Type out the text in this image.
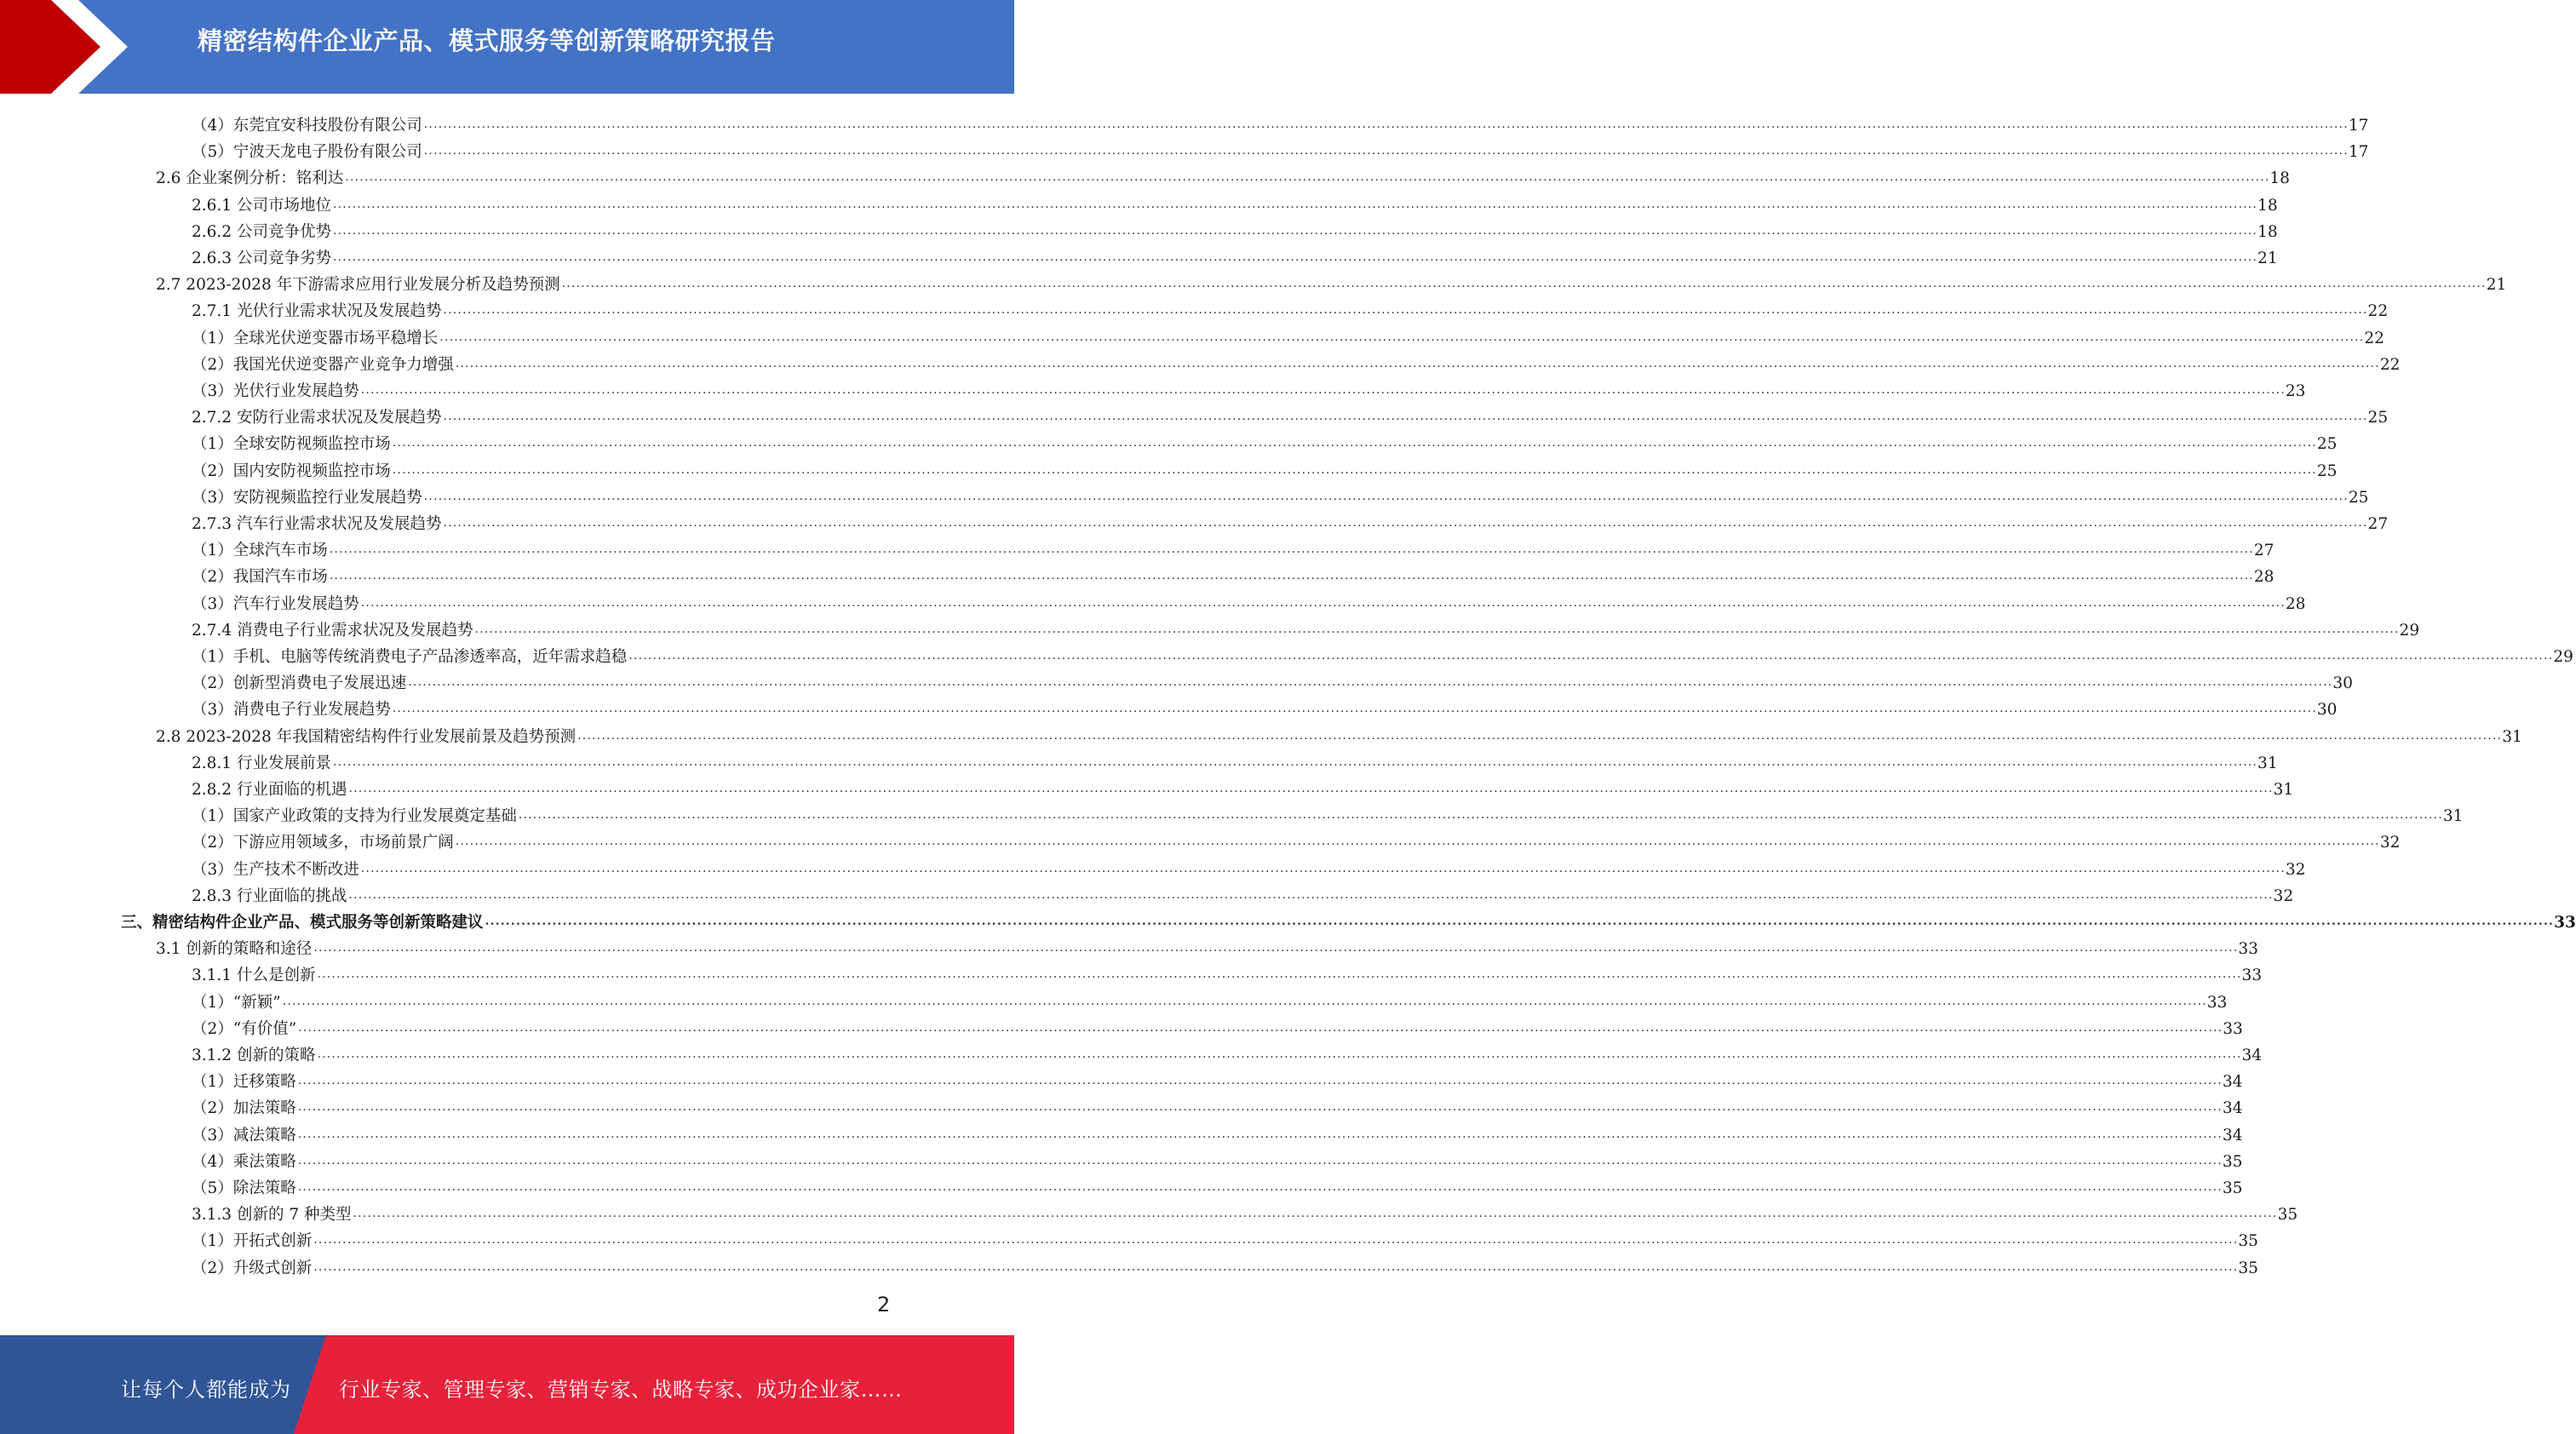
精密结构件企业产品、模式服务等创新策略研究报告
（4）东莞宜安科技股份有限公司 ................................................................................................................................................................................................................................................................................................................................................................................................................ 17
（5）宁波天龙电子股份有限公司 ................................................................................................................................................................................................................................................................................................................................................................................................................ 17
2.6 企业案例分析：铭利达 ................................................................................................................................................................................................................................................................................................................................................................................................................ 18
2.6.1 公司市场地位 ................................................................................................................................................................................................................................................................................................................................................................................................................ 18
2.6.2 公司竞争优势 ................................................................................................................................................................................................................................................................................................................................................................................................................ 18
2.6.3 公司竞争劣势 ................................................................................................................................................................................................................................................................................................................................................................................................................ 21
2.7 2023-2028 年下游需求应用行业发展分析及趋势预测 ................................................................................................................................................................................................................................................................................................................................................................................................................ 21
2.7.1 光伏行业需求状况及发展趋势 ................................................................................................................................................................................................................................................................................................................................................................................................................ 22
（1）全球光伏逆变器市场平稳增长 ................................................................................................................................................................................................................................................................................................................................................................................................................ 22
（2）我国光伏逆变器产业竞争力增强 ................................................................................................................................................................................................................................................................................................................................................................................................................ 22
（3）光伏行业发展趋势 ................................................................................................................................................................................................................................................................................................................................................................................................................ 23
2.7.2 安防行业需求状况及发展趋势 ................................................................................................................................................................................................................................................................................................................................................................................................................ 25
（1）全球安防视频监控市场 ................................................................................................................................................................................................................................................................................................................................................................................................................ 25
（2）国内安防视频监控市场 ................................................................................................................................................................................................................................................................................................................................................................................................................ 25
（3）安防视频监控行业发展趋势 ................................................................................................................................................................................................................................................................................................................................................................................................................ 25
2.7.3 汽车行业需求状况及发展趋势 ................................................................................................................................................................................................................................................................................................................................................................................................................ 27
（1）全球汽车市场 ................................................................................................................................................................................................................................................................................................................................................................................................................ 27
（2）我国汽车市场 ................................................................................................................................................................................................................................................................................................................................................................................................................ 28
（3）汽车行业发展趋势 ................................................................................................................................................................................................................................................................................................................................................................................................................ 28
2.7.4 消费电子行业需求状况及发展趋势 ................................................................................................................................................................................................................................................................................................................................................................................................................ 29
（1）手机、电脑等传统消费电子产品渗透率高，近年需求趋稳 ................................................................................................................................................................................................................................................................................................................................................................................................................ 29
（2）创新型消费电子发展迅速 ................................................................................................................................................................................................................................................................................................................................................................................................................ 30
（3）消费电子行业发展趋势 ................................................................................................................................................................................................................................................................................................................................................................................................................ 30
2.8 2023-2028 年我国精密结构件行业发展前景及趋势预测 ................................................................................................................................................................................................................................................................................................................................................................................................................ 31
2.8.1 行业发展前景 ................................................................................................................................................................................................................................................................................................................................................................................................................ 31
2.8.2 行业面临的机遇 ................................................................................................................................................................................................................................................................................................................................................................................................................ 31
（1）国家产业政策的支持为行业发展奠定基础 ................................................................................................................................................................................................................................................................................................................................................................................................................ 31
（2）下游应用领域多，市场前景广阔 ................................................................................................................................................................................................................................................................................................................................................................................................................ 32
（3）生产技术不断改进 ................................................................................................................................................................................................................................................................................................................................................................................................................ 32
2.8.3 行业面临的挑战 ................................................................................................................................................................................................................................................................................................................................................................................................................ 32
三、精密结构件企业产品、模式服务等创新策略建议 ................................................................................................................................................................................................................................................................................................................................................................................................................ 33
3.1 创新的策略和途径 ................................................................................................................................................................................................................................................................................................................................................................................................................ 33
3.1.1 什么是创新 ................................................................................................................................................................................................................................................................................................................................................................................................................ 33
（1）“新颖” ................................................................................................................................................................................................................................................................................................................................................................................................................ 33
（2）“有价值” ................................................................................................................................................................................................................................................................................................................................................................................................................ 33
3.1.2 创新的策略 ................................................................................................................................................................................................................................................................................................................................................................................................................ 34
（1）迁移策略 ................................................................................................................................................................................................................................................................................................................................................................................................................ 34
（2）加法策略 ................................................................................................................................................................................................................................................................................................................................................................................................................ 34
（3）减法策略 ................................................................................................................................................................................................................................................................................................................................................................................................................ 34
（4）乘法策略 ................................................................................................................................................................................................................................................................................................................................................................................................................ 35
（5）除法策略 ................................................................................................................................................................................................................................................................................................................................................................................................................ 35
3.1.3 创新的 7 种类型 ................................................................................................................................................................................................................................................................................................................................................................................................................ 35
（1）开拓式创新 ................................................................................................................................................................................................................................................................................................................................................................................................................ 35
（2）升级式创新 ................................................................................................................................................................................................................................................................................................................................................................................................................ 35
2
让每个人都能成为 行业专家、管理专家、营销专家、战略专家、成功企业家……
